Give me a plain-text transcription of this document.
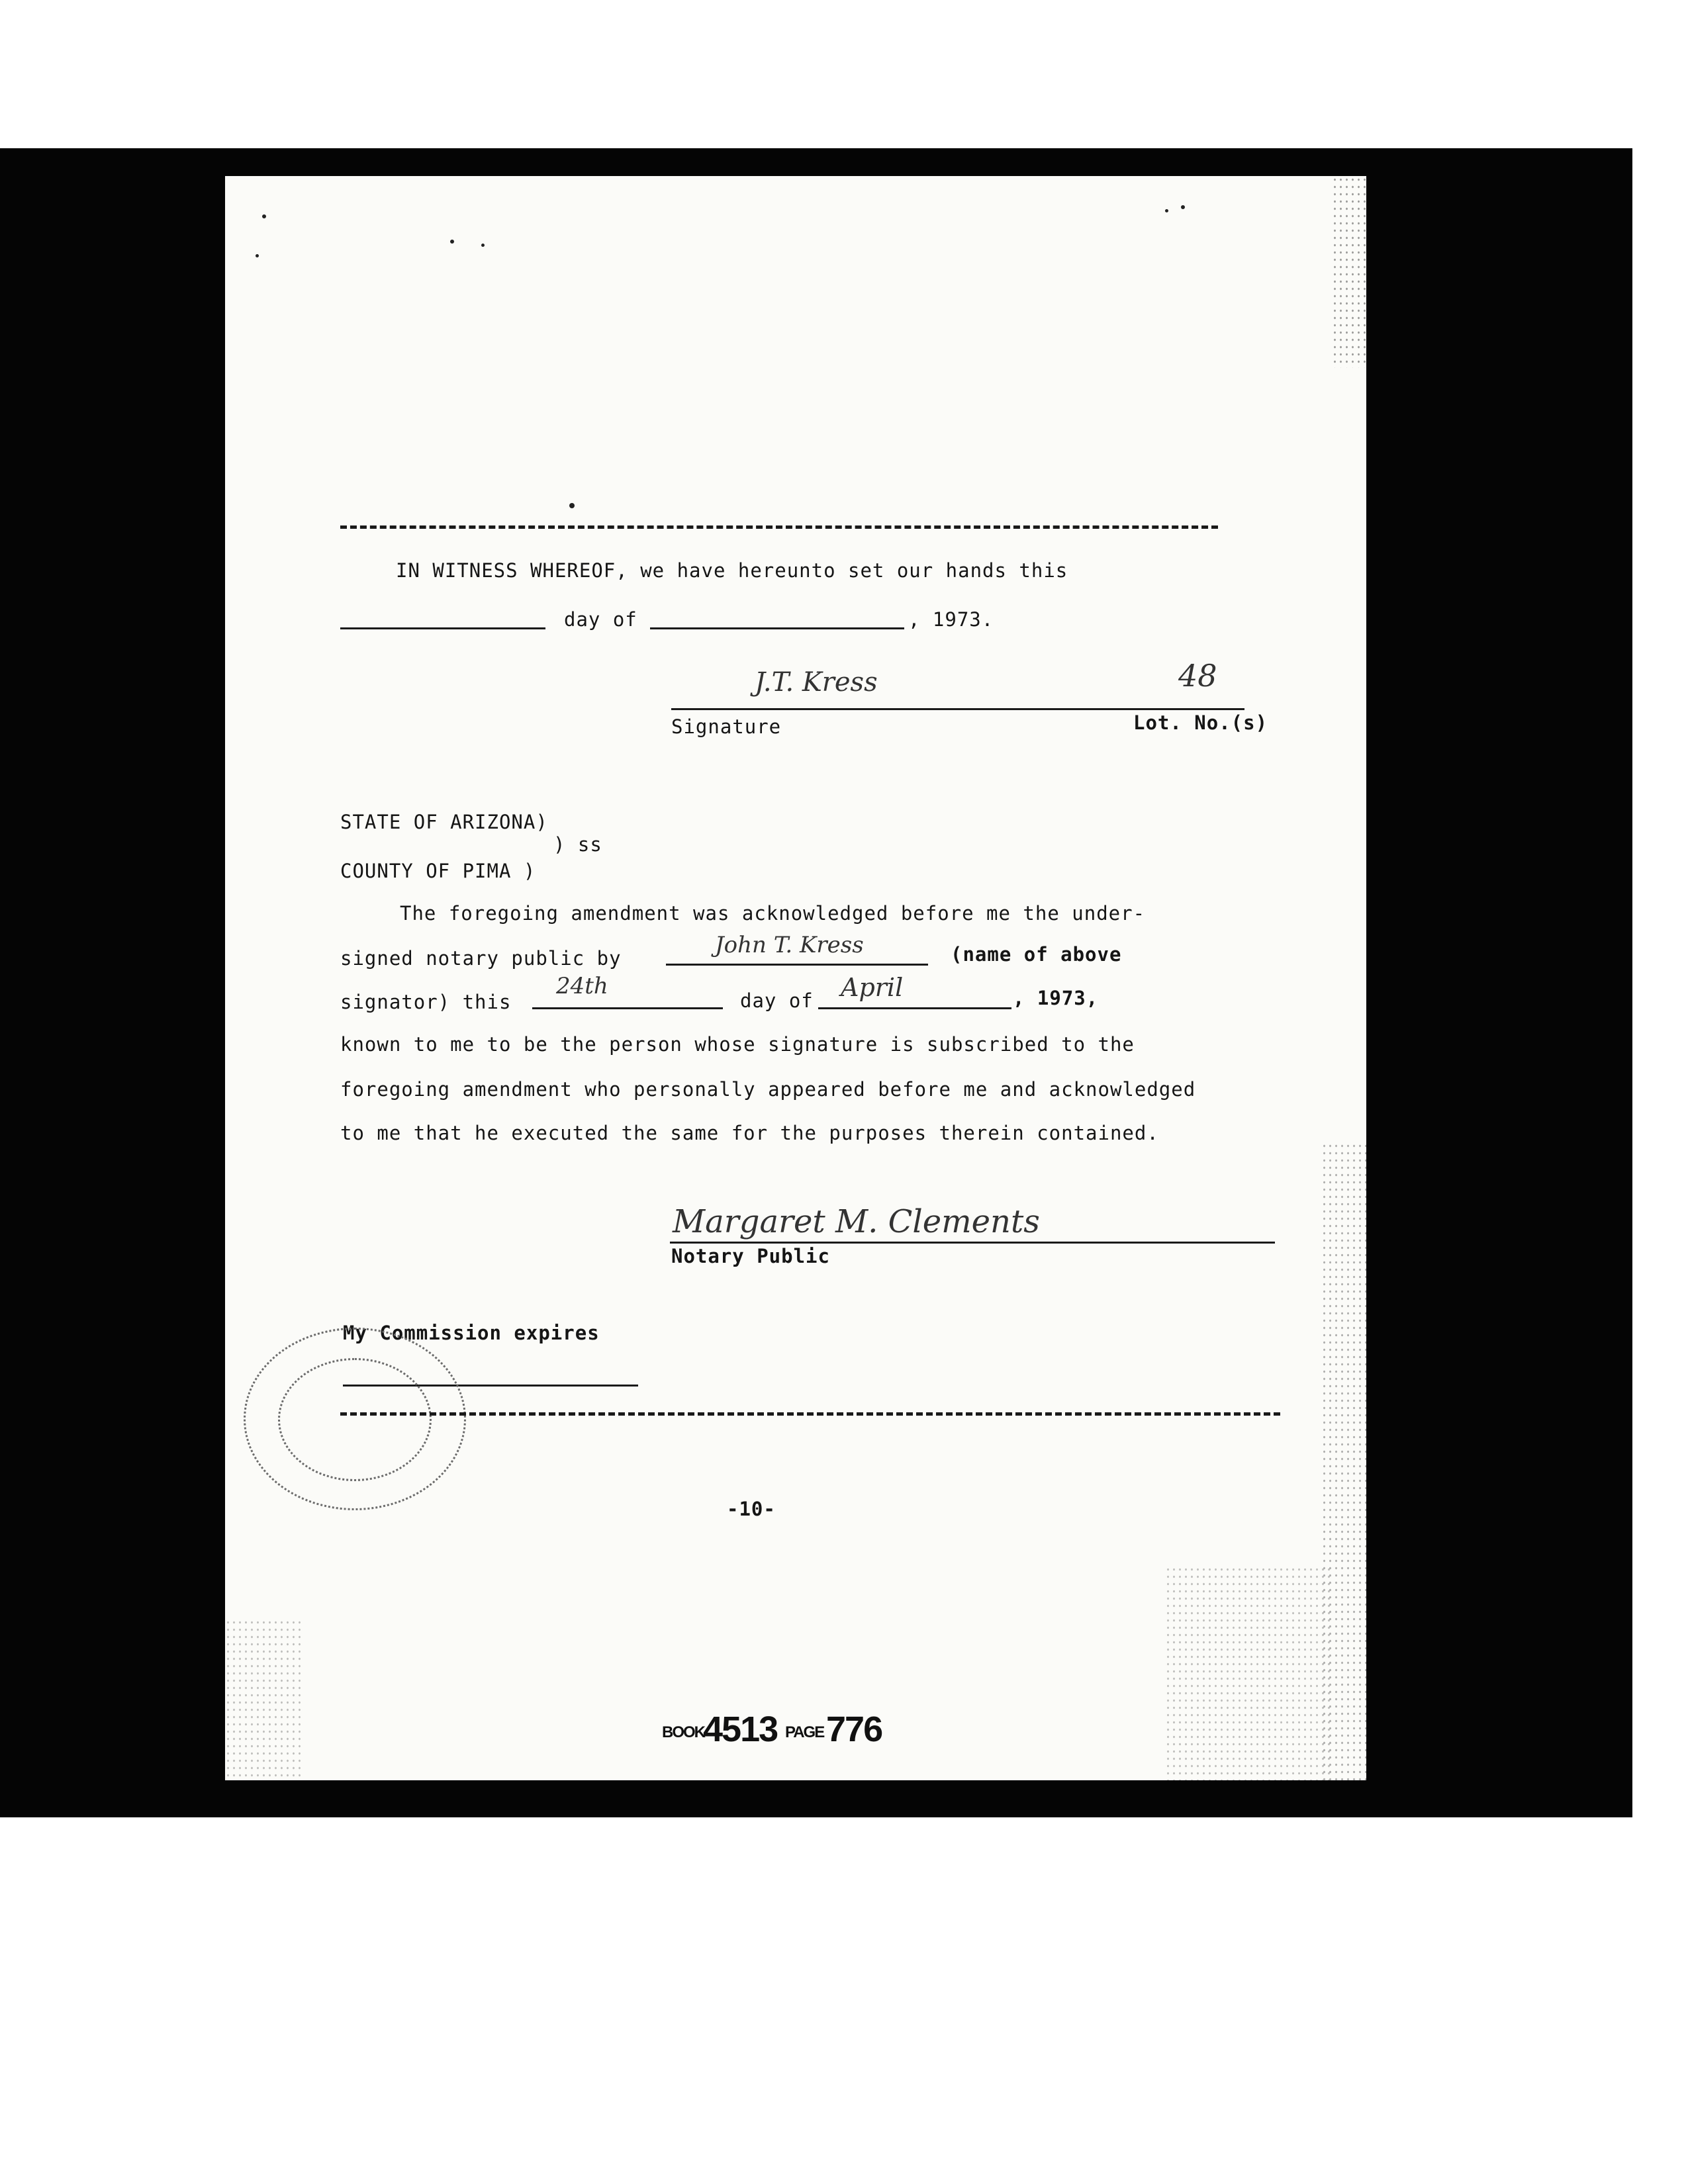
IN WITNESS WHEREOF, we have hereunto set our hands this
day of	, 1973.
J.T. Kress	48
Signature	Lot. No.(s)
STATE OF ARIZONA)
) ss
COUNTY OF PIMA )
The foregoing amendment was acknowledged before me the under-
signed notary public by	John T. Kress	(name of above
signator) this
24th
day of April	, 1973,
known to me to be the person whose signature is subscribed to the
foregoing amendment who personally appeared before me and acknowledged
to me that he executed the same for the purposes therein contained.
Margaret M. Clements
Notary Public
My Commission expires
-10-
BOOK
4513 PAGE 776
